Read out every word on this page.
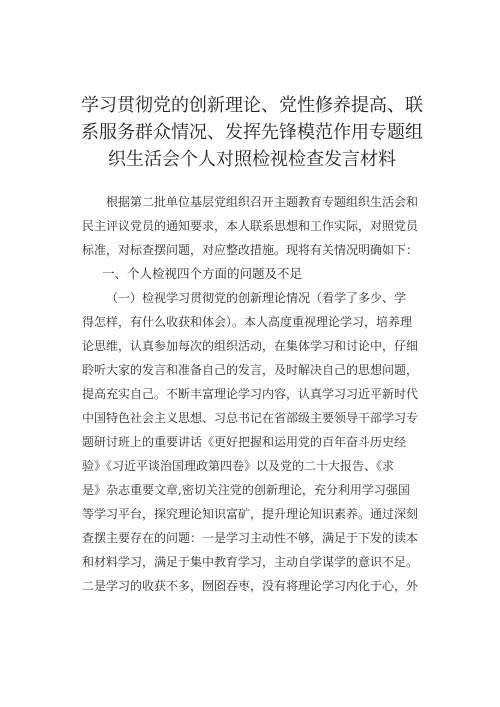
学习贯彻党的创新理论、党性修养提高、联
系服务群众情况、发挥先锋模范作用专题组
织生活会个人对照检视检查发言材料
根据第二批单位基层党组织召开主题教育专题组织生活会和
民主评议党员的通知要求，本人联系思想和工作实际，对照党员
标准，对标查摆问题，对应整改措施。现将有关情况明确如下：
一、个人检视四个方面的问题及不足
（一）检视学习贯彻党的创新理论情况（看学了多少、学
得怎样，有什么收获和体会）。本人高度重视理论学习，培养理
论思维，认真参加每次的组织活动，在集体学习和讨论中，仔细
聆听大家的发言和准备自己的发言，及时解决自己的思想问题，
提高充实自己。不断丰富理论学习内容，认真学习习近平新时代
中国特色社会主义思想、习总书记在省部级主要领导干部学习专
题研讨班上的重要讲话《更好把握和运用党的百年奋斗历史经
验》《习近平谈治国理政第四卷》以及党的二十大报告、《求
是》杂志重要文章,密切关注党的创新理论，充分利用学习强国
等学习平台，探究理论知识富矿，提升理论知识素养。通过深刻
查摆主要存在的问题：一是学习主动性不够，满足于下发的读本
和材料学习，满足于集中教育学习，主动自学谋学的意识不足。
二是学习的收获不多，囫囵吞枣，没有将理论学习内化于心，外
